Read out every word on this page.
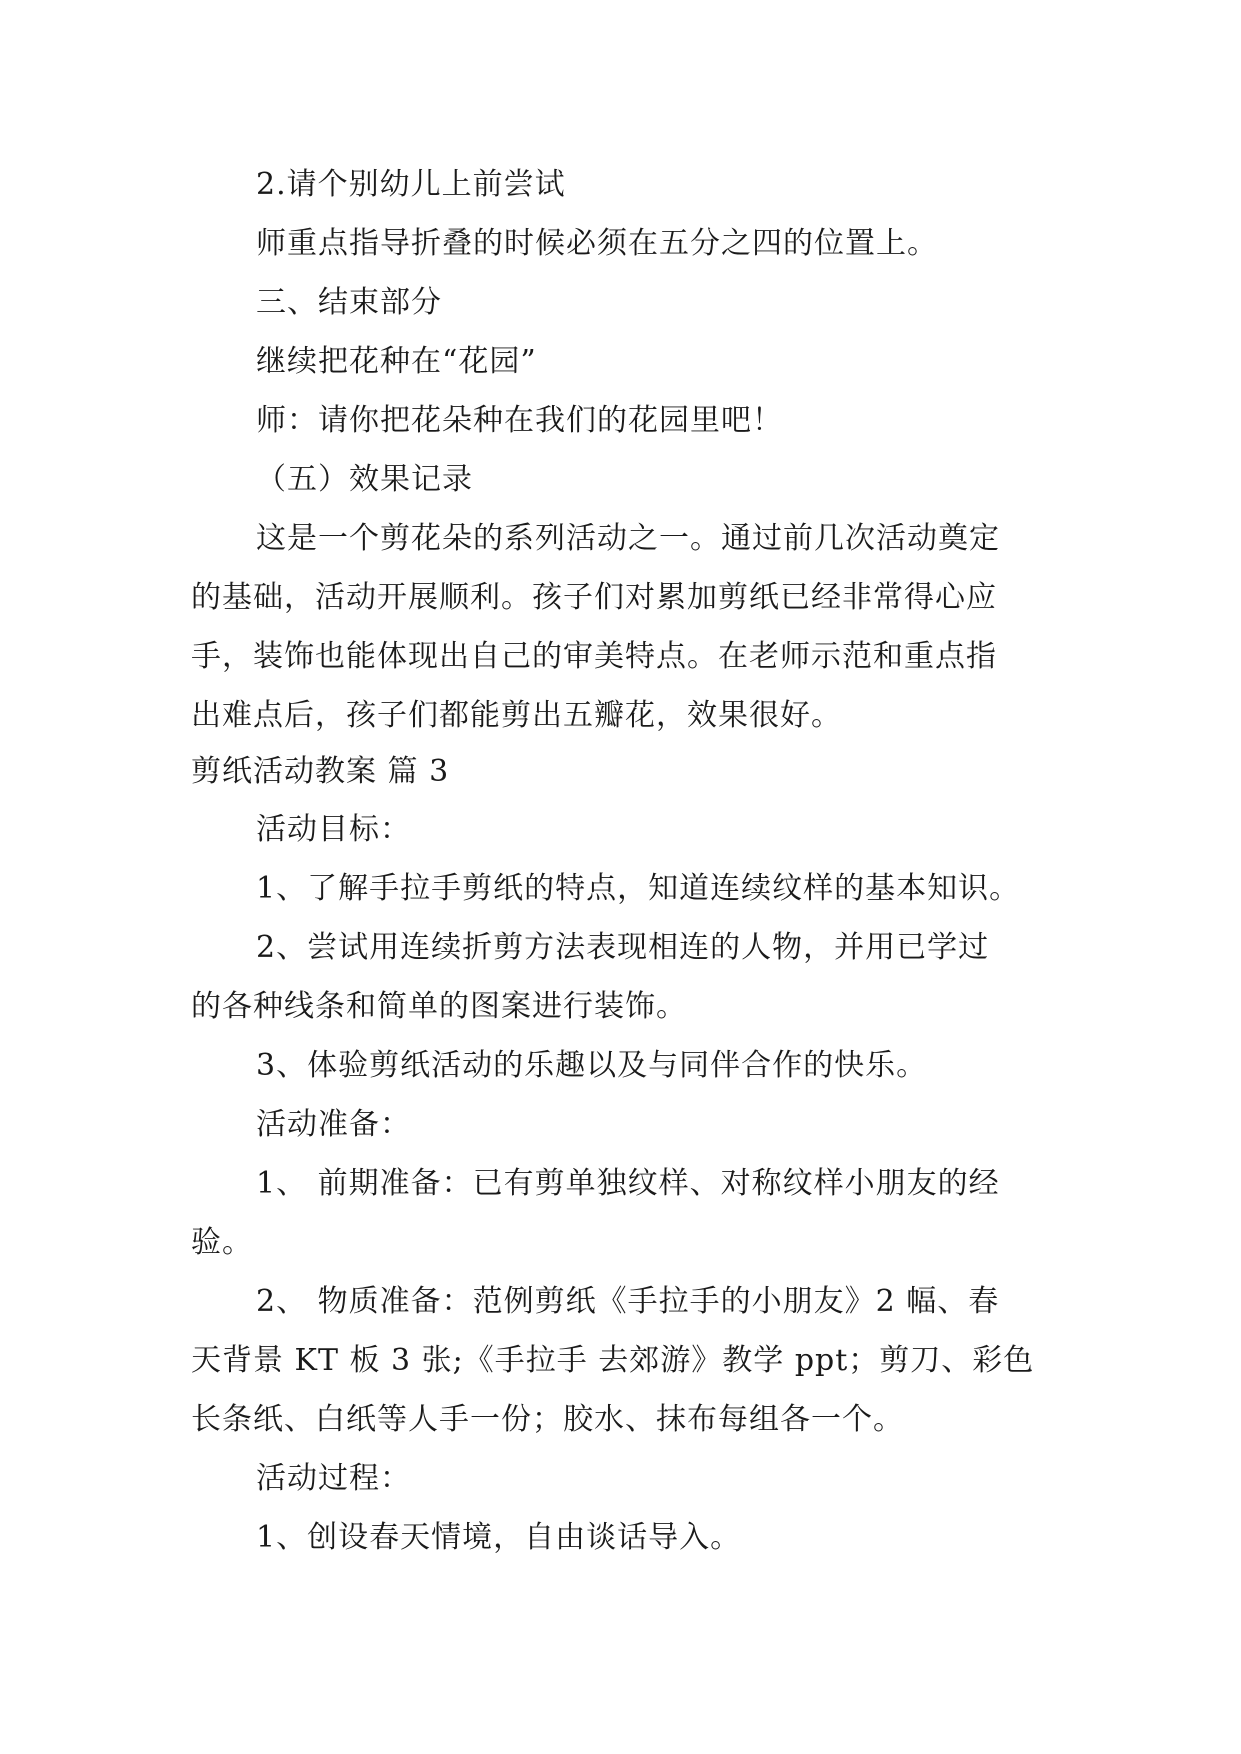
2.请个别幼儿上前尝试
师重点指导折叠的时候必须在五分之四的位置上。
三、结束部分
继续把花种在“花园”
师：请你把花朵种在我们的花园里吧！
（五）效果记录
这是一个剪花朵的系列活动之一。通过前几次活动奠定
的基础，活动开展顺利。孩子们对累加剪纸已经非常得心应
手，装饰也能体现出自己的审美特点。在老师示范和重点指
出难点后，孩子们都能剪出五瓣花，效果很好。
剪纸活动教案 篇 3
活动目标：
1、了解手拉手剪纸的特点，知道连续纹样的基本知识。
2、尝试用连续折剪方法表现相连的人物，并用已学过
的各种线条和简单的图案进行装饰。
3、体验剪纸活动的乐趣以及与同伴合作的快乐。
活动准备：
1、 前期准备：已有剪单独纹样、对称纹样小朋友的经
验。
2、 物质准备：范例剪纸《手拉手的小朋友》2 幅、春
天背景 KT 板 3 张;《手拉手 去郊游》教学 ppt；剪刀、彩色
长条纸、白纸等人手一份；胶水、抹布每组各一个。
活动过程：
1、创设春天情境，自由谈话导入。
